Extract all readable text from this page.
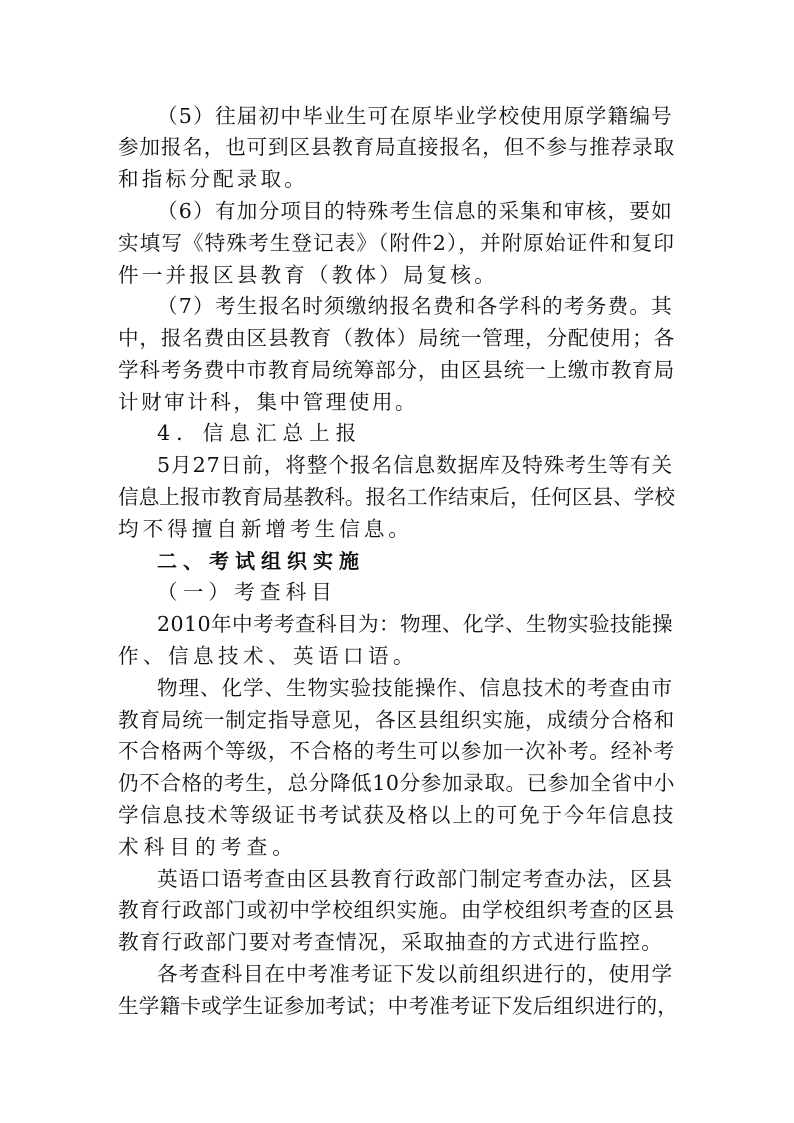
（5）往届初中毕业生可在原毕业学校使用原学籍编号
参加报名，也可到区县教育局直接报名，但不参与推荐录取
和指标分配录取。
（6）有加分项目的特殊考生信息的采集和审核，要如
实填写《特殊考生登记表》（附件2），并附原始证件和复印
件一并报区县教育（教体）局复核。
（7）考生报名时须缴纳报名费和各学科的考务费。其
中，报名费由区县教育（教体）局统一管理，分配使用；各
学科考务费中市教育局统筹部分，由区县统一上缴市教育局
计财审计科，集中管理使用。
4．信息汇总上报
5月27日前，将整个报名信息数据库及特殊考生等有关
信息上报市教育局基教科。报名工作结束后，任何区县、学校
均不得擅自新增考生信息。
二、考试组织实施
（一）考查科目
2010年中考考查科目为：物理、化学、生物实验技能操
作、信息技术、英语口语。
物理、化学、生物实验技能操作、信息技术的考查由市
教育局统一制定指导意见，各区县组织实施，成绩分合格和
不合格两个等级，不合格的考生可以参加一次补考。经补考
仍不合格的考生，总分降低10分参加录取。已参加全省中小
学信息技术等级证书考试获及格以上的可免于今年信息技
术科目的考查。
英语口语考查由区县教育行政部门制定考查办法，区县
教育行政部门或初中学校组织实施。由学校组织考查的区县
教育行政部门要对考查情况，采取抽查的方式进行监控。
各考查科目在中考准考证下发以前组织进行的，使用学
生学籍卡或学生证参加考试；中考准考证下发后组织进行的，
